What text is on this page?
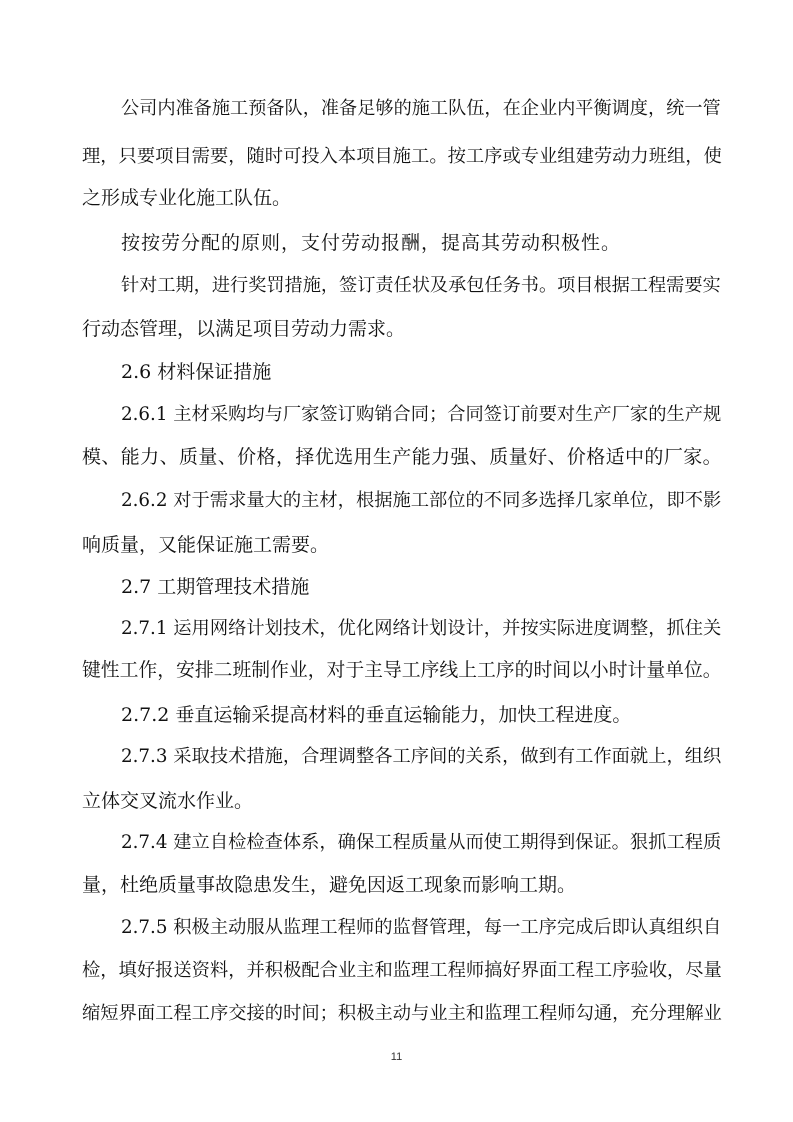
公司内准备施工预备队，准备足够的施工队伍，在企业内平衡调度，统一管
理，只要项目需要，随时可投入本项目施工。按工序或专业组建劳动力班组，使
之形成专业化施工队伍。
按按劳分配的原则，支付劳动报酬，提高其劳动积极性。
针对工期，进行奖罚措施，签订责任状及承包任务书。项目根据工程需要实
行动态管理，以满足项目劳动力需求。
2.6 材料保证措施
2.6.1 主材采购均与厂家签订购销合同；合同签订前要对生产厂家的生产规
模、能力、质量、价格，择优选用生产能力强、质量好、价格适中的厂家。
2.6.2 对于需求量大的主材，根据施工部位的不同多选择几家单位，即不影
响质量，又能保证施工需要。
2.7 工期管理技术措施
2.7.1 运用网络计划技术，优化网络计划设计，并按实际进度调整，抓住关
键性工作，安排二班制作业，对于主导工序线上工序的时间以小时计量单位。
2.7.2 垂直运输采提高材料的垂直运输能力，加快工程进度。
2.7.3 采取技术措施，合理调整各工序间的关系，做到有工作面就上，组织
立体交叉流水作业。
2.7.4 建立自检检查体系，确保工程质量从而使工期得到保证。狠抓工程质
量，杜绝质量事故隐患发生，避免因返工现象而影响工期。
2.7.5 积极主动服从监理工程师的监督管理，每一工序完成后即认真组织自
检，填好报送资料，并积极配合业主和监理工程师搞好界面工程工序验收，尽量
缩短界面工程工序交接的时间；积极主动与业主和监理工程师勾通，充分理解业
11
